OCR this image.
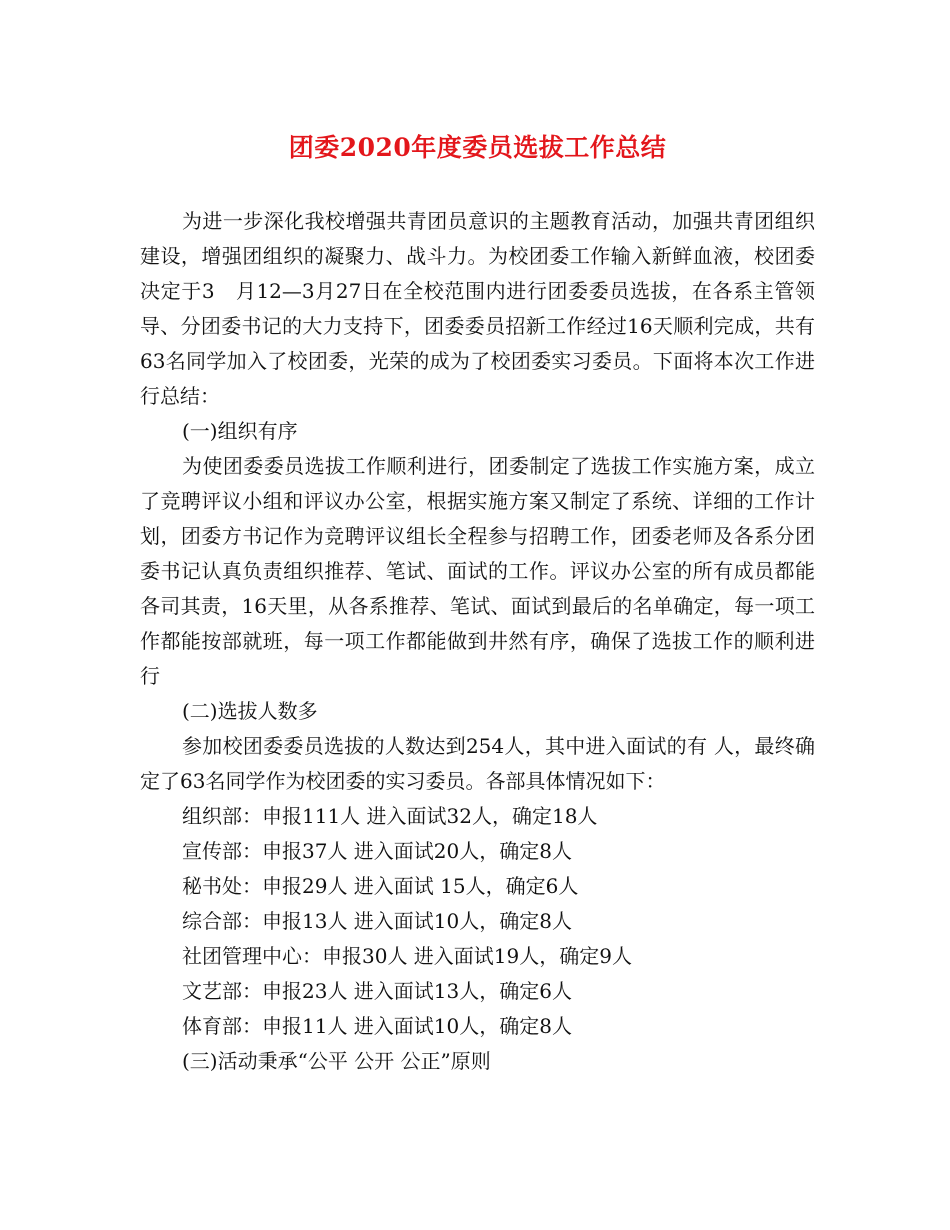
团委2020年度委员选拔工作总结

为进一步深化我校增强共青团员意识的主题教育活动，加强共青团组织建设，增强团组织的凝聚力、战斗力。为校团委工作输入新鲜血液，校团委决定于3　月12—3月27日在全校范围内进行团委委员选拔，在各系主管领导、分团委书记的大力支持下，团委委员招新工作经过16天顺利完成，共有　63名同学加入了校团委，光荣的成为了校团委实习委员。下面将本次工作进行总结：

(一)组织有序

为使团委委员选拔工作顺利进行，团委制定了选拔工作实施方案，成立了竞聘评议小组和评议办公室，根据实施方案又制定了系统、详细的工作计划，团委方书记作为竞聘评议组长全程参与招聘工作，团委老师及各系分团委书记认真负责组织推荐、笔试、面试的工作。评议办公室的所有成员都能各司其责，16天里，从各系推荐、笔试、面试到最后的名单确定，每一项工作都能按部就班，每一项工作都能做到井然有序，确保了选拔工作的顺利进行

(二)选拔人数多

参加校团委委员选拔的人数达到254人，其中进入面试的有 人，最终确定了63名同学作为校团委的实习委员。各部具体情况如下：

组织部：申报111人 进入面试32人，确定18人
宣传部：申报37人 进入面试20人，确定8人
秘书处：申报29人 进入面试 15人，确定6人
综合部：申报13人 进入面试10人，确定8人
社团管理中心：申报30人 进入面试19人，确定9人
文艺部：申报23人 进入面试13人，确定6人
体育部：申报11人 进入面试10人，确定8人

(三)活动秉承“公平 公开 公正”原则
